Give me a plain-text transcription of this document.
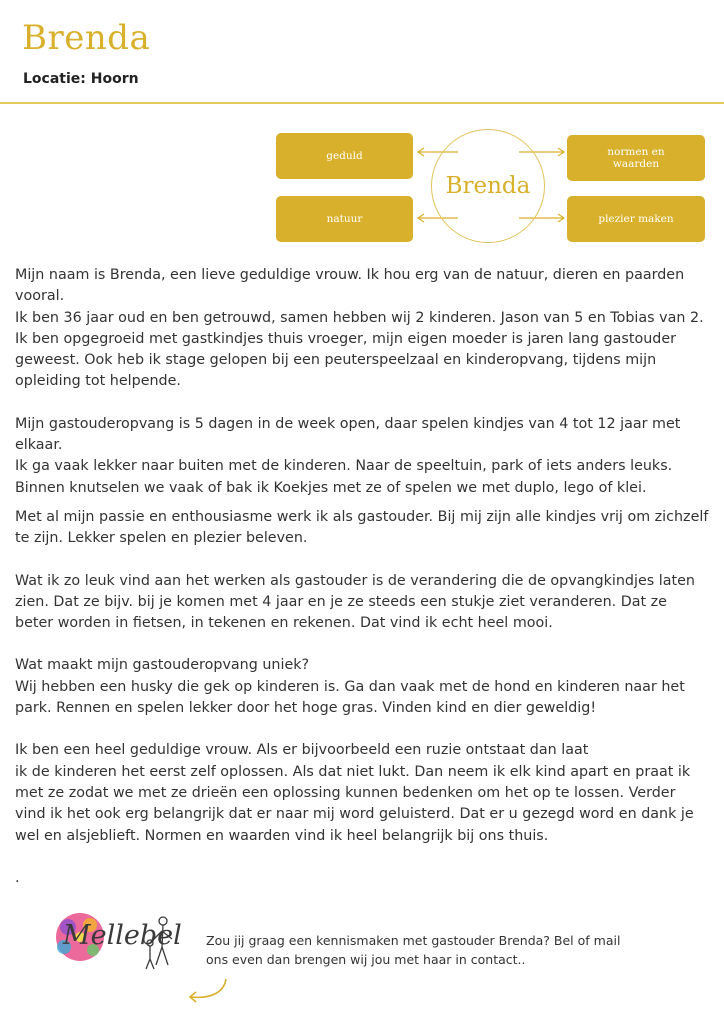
Brenda
Locatie: Hoorn
geduld
natuur
normen en waarden
plezier maken
Brenda

Mijn naam is Brenda, een lieve geduldige vrouw. Ik hou erg van de natuur, dieren en paarden vooral.

Ik ben 36 jaar oud en ben getrouwd, samen hebben wij 2 kinderen. Jason van 5 en Tobias van 2. Ik ben opgegroeid met gastkindjes thuis vroeger, mijn eigen moeder is jaren lang gastouder geweest. Ook heb ik stage gelopen bij een peuterspeelzaal en kinderopvang, tijdens mijn opleiding tot helpende.

Mijn gastouderopvang is 5 dagen in de week open, daar spelen kindjes van 4 tot 12 jaar met elkaar.

Ik ga vaak lekker naar buiten met de kinderen. Naar de speeltuin, park of iets anders leuks. Binnen knutselen we vaak of bak ik Koekjes met ze of spelen we met duplo, lego of klei.

Met al mijn passie en enthousiasme werk ik als gastouder. Bij mij zijn alle kindjes vrij om zichzelf te zijn. Lekker spelen en plezier beleven.

Wat ik zo leuk vind aan het werken als gastouder is de verandering die de opvangkindjes laten zien. Dat ze bijv. bij je komen met 4 jaar en je ze steeds een stukje ziet veranderen. Dat ze beter worden in fietsen, in tekenen en rekenen. Dat vind ik echt heel mooi.

Wat maakt mijn gastouderopvang uniek?

Wij hebben een husky die gek op kinderen is. Ga dan vaak met de hond en kinderen naar het park. Rennen en spelen lekker door het hoge gras. Vinden kind en dier geweldig!

Ik ben een heel geduldige vrouw. Als er bijvoorbeeld een ruzie ontstaat dan laat

ik de kinderen het eerst zelf oplossen. Als dat niet lukt. Dan neem ik elk kind apart en praat ik met ze zodat we met ze drieën een oplossing kunnen bedenken om het op te lossen. Verder vind ik het ook erg belangrijk dat er naar mij word geluisterd. Dat er u gezegd word en dank je wel en alsjeblieft. Normen en waarden vind ik heel belangrijk bij ons thuis.

.

Mellebel Zou jij graag een kennismaken met gastouder Brenda? Bel of mail
ons even dan brengen wij jou met haar in contact..
